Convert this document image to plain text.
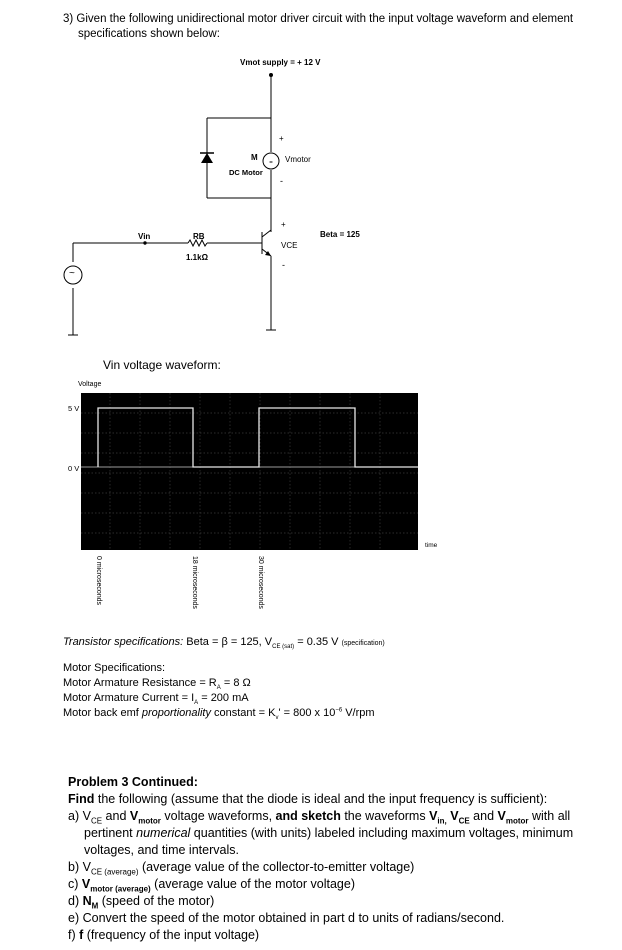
3) Given the following unidirectional motor driver circuit with the input voltage waveform and element
specifications shown below:
=
Vmot supply = + 12 V
M
DC Motor
Vmotor
+
-
Vin	RB
1.1kΩ
Beta = 125
VCE
+
-
~
Vin voltage waveform:
Voltage
5 V
0 V
time
0 microseconds	18 microseconds	30 microseconds
Transistor specifications: Beta = β = 125, $V_{CE (sat)} = 0.35$ V (specification)
Motor Specifications:
Motor Armature Resistance = $R_A = 8$ Ω
Motor Armature Current = $I_A = 200$ mA
Motor back emf proportionality constant = $K_v' = 800$ x $10^{-6}$ V/rpm
Problem 3 Continued:
Find the following (assume that the diode is ideal and the input frequency is sufficient):
a) $V_{CE}$ and $V_{motor}$ voltage waveforms, and sketch the waveforms $V_{in,}$ $V_{CE}$ and $V_{motor}$ with all
pertinent numerical quantities (with units) labeled including maximum voltages, minimum
voltages, and time intervals.
b) $V_{CE (average)}$ (average value of the collector-to-emitter voltage)
c) $V_{motor (average)}$ (average value of the motor voltage)
d) $N_M$ (speed of the motor)
e) Convert the speed of the motor obtained in part d to units of radians/second.
f) f (frequency of the input voltage)
